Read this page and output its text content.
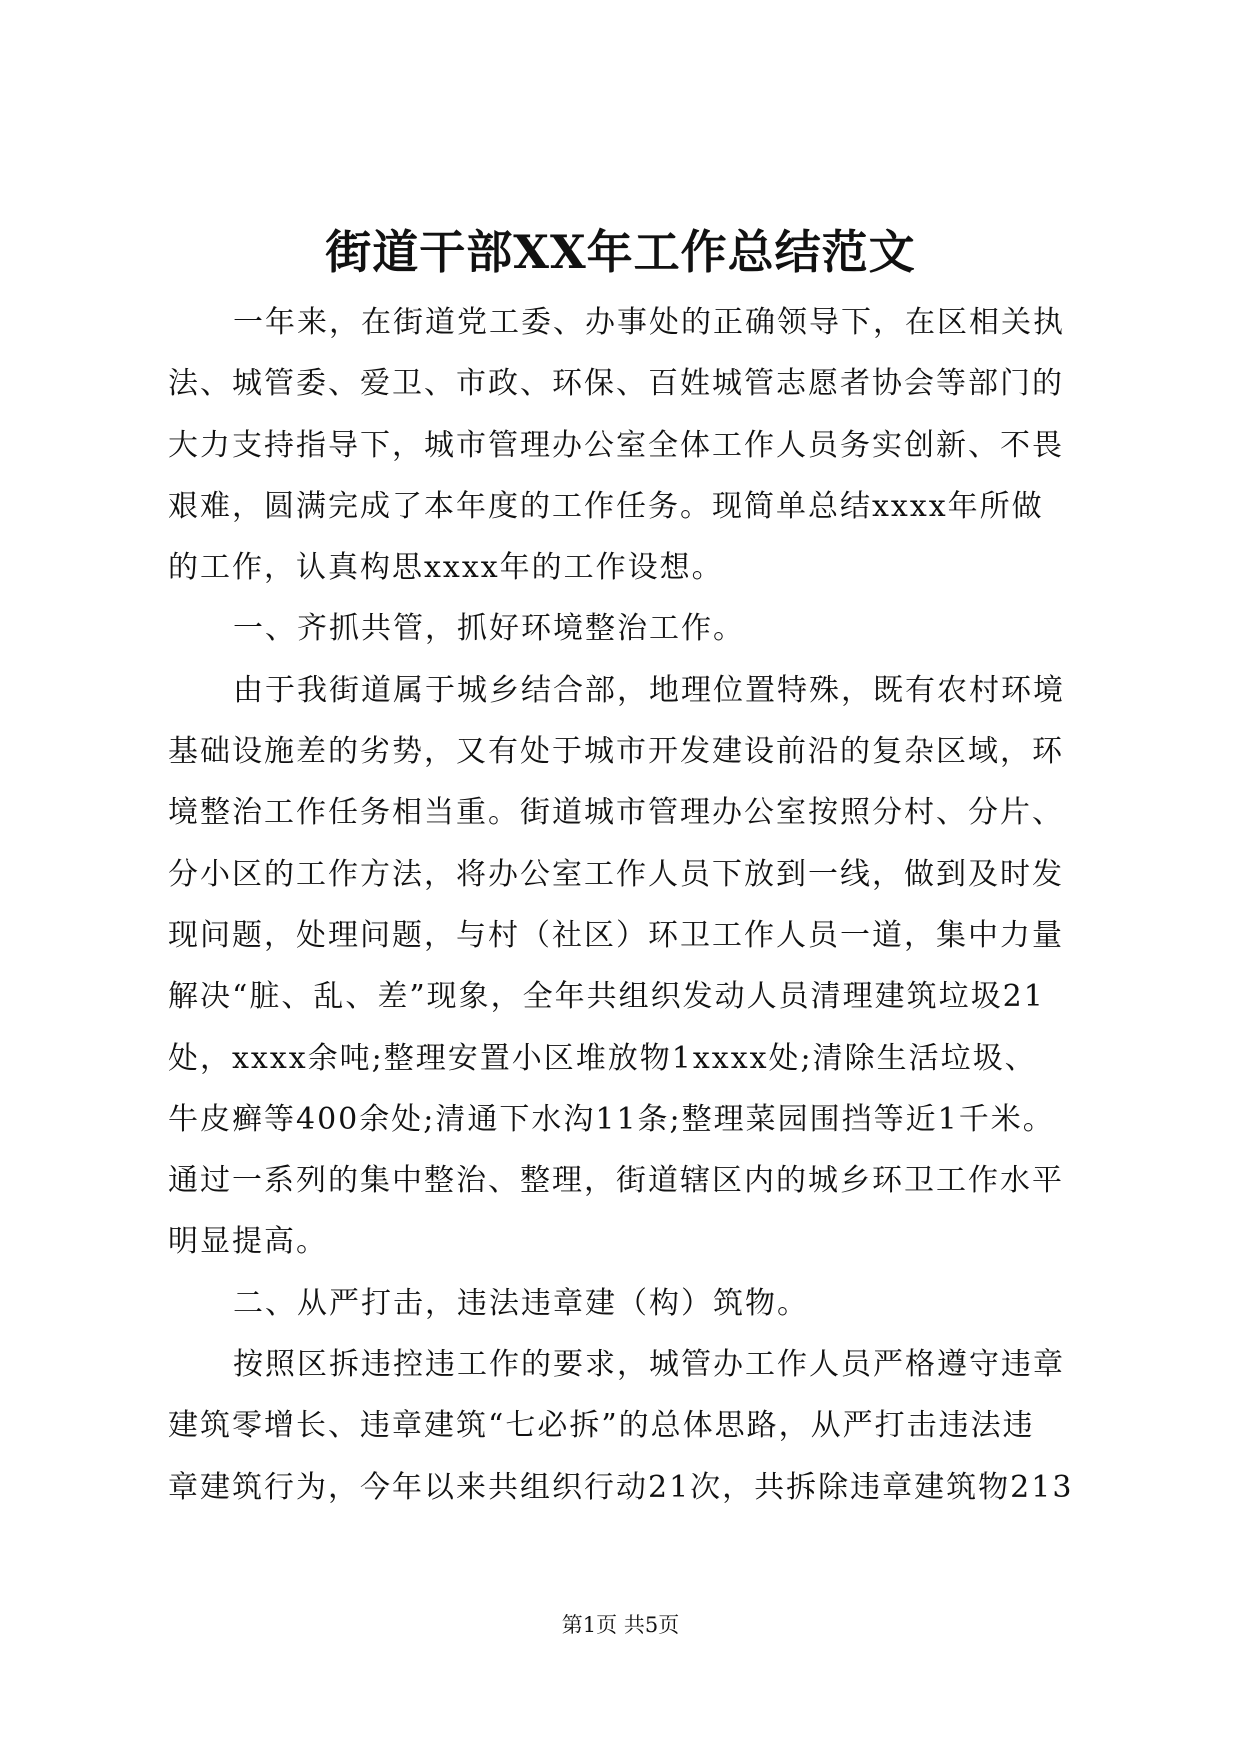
街道干部XX年工作总结范文
一年来，在街道党工委、办事处的正确领导下，在区相关执
法、城管委、爱卫、市政、环保、百姓城管志愿者协会等部门的
大力支持指导下，城市管理办公室全体工作人员务实创新、不畏
艰难，圆满完成了本年度的工作任务。现简单总结xxxx年所做
的工作，认真构思xxxx年的工作设想。
一、齐抓共管，抓好环境整治工作。
由于我街道属于城乡结合部，地理位置特殊，既有农村环境
基础设施差的劣势，又有处于城市开发建设前沿的复杂区域，环
境整治工作任务相当重。街道城市管理办公室按照分村、分片、
分小区的工作方法，将办公室工作人员下放到一线，做到及时发
现问题，处理问题，与村（社区）环卫工作人员一道，集中力量
解决“脏、乱、差”现象，全年共组织发动人员清理建筑垃圾21
处，xxxx余吨;整理安置小区堆放物1xxxx处;清除生活垃圾、
牛皮癣等400余处;清通下水沟11条;整理菜园围挡等近1千米。
通过一系列的集中整治、整理，街道辖区内的城乡环卫工作水平
明显提高。
二、从严打击，违法违章建（构）筑物。
按照区拆违控违工作的要求，城管办工作人员严格遵守违章
建筑零增长、违章建筑“七必拆”的总体思路，从严打击违法违
章建筑行为，今年以来共组织行动21次，共拆除违章建筑物213
第1页 共5页
